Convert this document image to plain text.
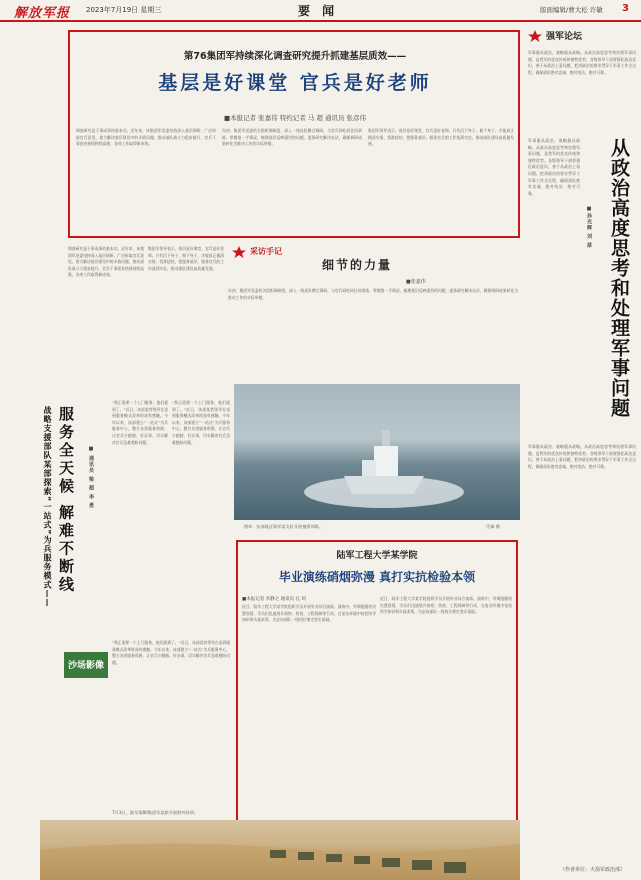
解放军报 2023年7月19日 星期三	要 闻	版面编辑/曹大松 许敏 3
第76集团军持续深化调查研究提升抓建基层质效——
基层是好课堂 官兵是好老师
■本报记者 张嘉伟 特约记者 马 超 通讯员 张彦伟
调查研究是干事成事的基本功。近年来，该集团军党委坚持深入基层调研，广泛听取官兵意见，着力解决基层建设中的矛盾问题，推动部队战斗力稳步提升，官兵干事创业热情持续高涨，各项工作取得新成效。
年初，集团军党委机关组织调研组，深入一线连队蹲点调研，与官兵同吃同住同训练，掌握第一手情况，梳理基层反映强烈的问题，逐条研究解决办法，确保调研成果转化为推动工作的实际举措。
集团军领导表示，基层是好课堂，官兵是好老师。只有沉下身子、俯下身子，才能真正摸清实情、找准症结，把服务基层、服务官兵的工作落到实处，推动部队建设高质量发展。
采访手记
细节的力量
■张嘉伟
年初，集团军党委机关组织调研组，深入一线连队蹲点调研，与官兵同吃同住同训练，掌握第一手情况，梳理基层反映强烈的问题，逐条研究解决办法，确保调研成果转化为推动工作的实际举措。
调查研究是干事成事的基本功。近年来，该集团军党委坚持深入基层调研，广泛听取官兵意见，着力解决基层建设中的矛盾问题，推动部队战斗力稳步提升，官兵干事创业热情持续高涨，各项工作取得新成效。
集团军领导表示，基层是好课堂，官兵是好老师。只有沉下身子、俯下身子，才能真正摸清实情、找准症结，把服务基层、服务官兵的工作落到实处，推动部队建设高质量发展。
强军论坛
军事服从政治，战略服从政略。从政治高度思考和处理军事问题，是我军的优良传统和独特优势。各级领导干部要强化政治意识，善于从政治上看问题，把讲政治的要求贯穿于军事工作全过程，确保部队绝对忠诚、绝对纯洁、绝对可靠。
从政治高度思考和处理军事问题
■孙光辉 刘 厚
军事服从政治，战略服从政略。从政治高度思考和处理军事问题，是我军的优良传统和独特优势。各级领导干部要强化政治意识，善于从政治上看问题，把讲政治的要求贯穿于军事工作全过程，确保部队绝对忠诚、绝对纯洁、绝对可靠。
军事服从政治，战略服从政略。从政治高度思考和处理军事问题，是我军的优良传统和独特优势。各级领导干部要强化政治意识，善于从政治上看问题，把讲政治的要求贯穿于军事工作全过程，确保部队绝对忠诚、绝对纯洁、绝对可靠。
（作者单位：火箭军政治部）
战略支援部队某部探索“一站式”为兵服务模式—— 服务全天候 解难不断线	■ 通讯员 梁 超 李 勇
“我正需要一个上门服务，他们就到了。”近日，该部某营领导在谈到服务模式改革时深有感触。今年以来，该部建立“一站式”为兵服务中心，整合各类服务资源，让官兵少跑腿、好办事，切实解决官兵急难愁盼问题。
“我正需要一个上门服务，他们就到了。”近日，该部某营领导在谈到服务模式改革时深有感触。今年以来，该部建立“一站式”为兵服务中心，整合各类服务资源，让官兵少跑腿、好办事，切实解决官兵急难愁盼问题。
图①：东部战区海军某支队开展拖带训练。	代娣 摄
陆军工程大学某学院
毕业演练硝烟弥漫 真打实抗检验本领
■本报记者 李静之 通讯员 孔 珂
近日，陆军工程大学某学院组织学员开展毕业综合演练。演练中，导调组随机设置敌情，学员们迅速展开侦察、伪装、工程保障等行动，在复杂环境中检验所学知识和实战本领，为走向部队一线岗位奠定坚实基础。
近日，陆军工程大学某学院组织学员开展毕业综合演练。演练中，导调组随机设置敌情，学员们迅速展开侦察、伪装、工程保障等行动，在复杂环境中检验所学知识和实战本领，为走向部队一线岗位奠定坚实基础。
“我正需要一个上门服务，他们就到了。”近日，该部某营领导在谈到服务模式改革时深有感触。今年以来，该部建立“一站式”为兵服务中心，整合各类服务资源，让官兵少跑腿、好办事，切实解决官兵急难愁盼问题。
沙场影像
7月3日，陆军第80集团军某旅开展野外驻训。
